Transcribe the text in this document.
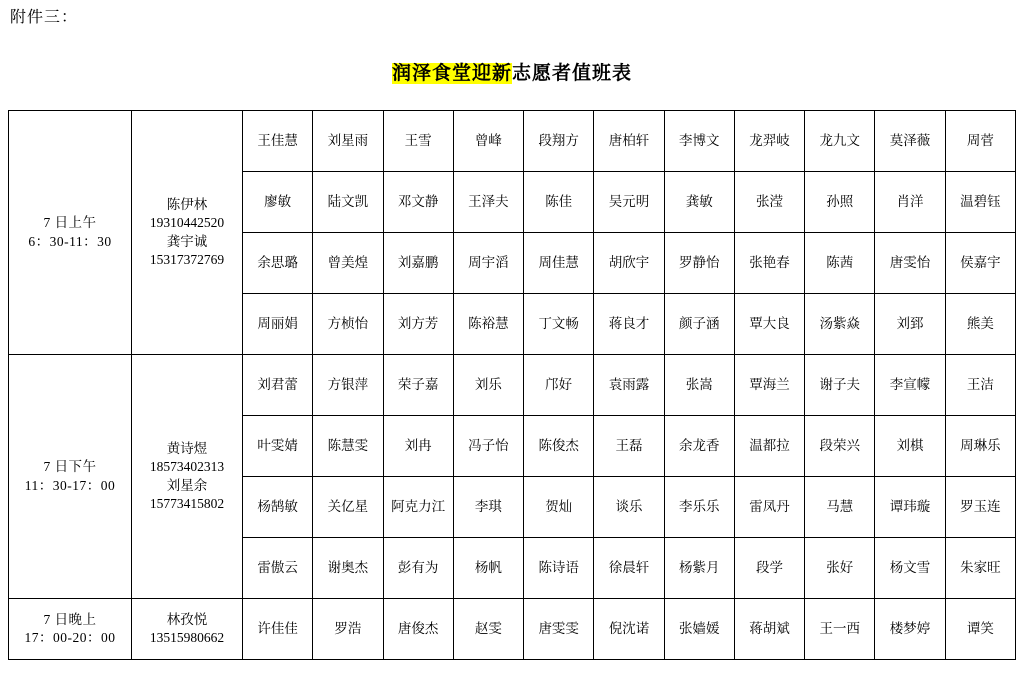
附件三：
润泽食堂迎新志愿者值班表
7 日上午
6：30-11：30	陈伊林
19310442520
龚宇诚
15317372769	王佳慧	刘星雨	王雪	曾峰	段翔方	唐柏轩	李博文	龙羿岐	龙九文	莫泽薇	周菅
		廖敏	陆文凯	邓文静	王泽夫	陈佳	吴元明	龚敏	张滢	孙照	肖洋	温碧钰
		余思璐	曾美煌	刘嘉鹏	周宇滔	周佳慧	胡欣宇	罗静怡	张艳春	陈茜	唐雯怡	侯嘉宇
		周丽娟	方桢怡	刘方芳	陈裕慧	丁文畅	蒋良才	颜子涵	覃大良	汤紫焱	刘郅	熊美

7 日下午
11：30-17：00	黄诗煜
18573402313
刘星余
15773415802	刘君蕾	方银萍	荣子嘉	刘乐	邝好	袁雨露	张嵩	覃海兰	谢子夫	李宣幪	王洁
		叶雯婧	陈慧雯	刘冉	冯子怡	陈俊杰	王磊	余龙香	温都拉	段荣兴	刘棋	周琳乐
		杨鹄敏	关亿星	阿克力江	李琪	贺灿	谈乐	李乐乐	雷凤丹	马慧	谭玮璇	罗玉连
		雷傲云	谢奥杰	彭有为	杨帆	陈诗语	徐晨轩	杨紫月	段学	张好	杨文雪	朱家旺

7 日晚上
17：00-20：00	林孜悦
13515980662	许佳佳	罗浩	唐俊杰	赵雯	唐雯雯	倪沈诺	张嫱媛	蒋胡斌	王一西	楼梦婷	谭笑
